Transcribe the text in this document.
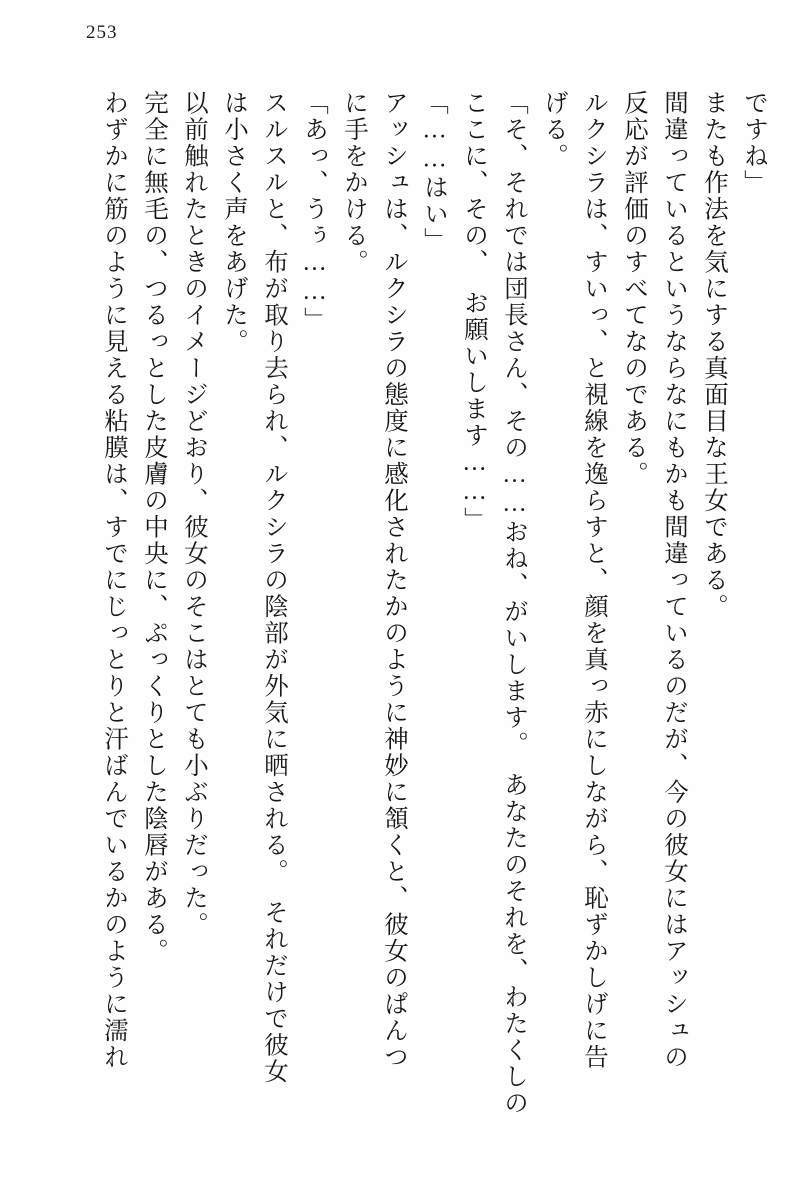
253
ですね」
またも作法を気にする真面目な王女である。
間違っているというならなにもかも間違っているのだが、今の彼女にはアッシュの
反応が評価のすべてなのである。
ルクシラは、すいっ、と視線を逸らすと、顔を真っ赤にしながら、恥ずかしげに告
げる。
「そ、それでは団長さん、その……おね、がいします。　あなたのそれを、わたくしの
ここに、その、　お願いします……」
「……はい」
アッシュは、ルクシラの態度に感化されたかのように神妙に頷くと、彼女のぱんつ
に手をかける。
「あっ、うぅ……」
スルスルと、布が取り去られ、ルクシラの陰部が外気に晒される。　それだけで彼女
は小さく声をあげた。
以前触れたときのイメージどおり、彼女のそこはとても小ぶりだった。
完全に無毛の、つるっとした皮膚の中央に、ぷっくりとした陰唇がある。
わずかに筋のように見える粘膜は、すでにじっとりと汗ばんでいるかのように濡れ
